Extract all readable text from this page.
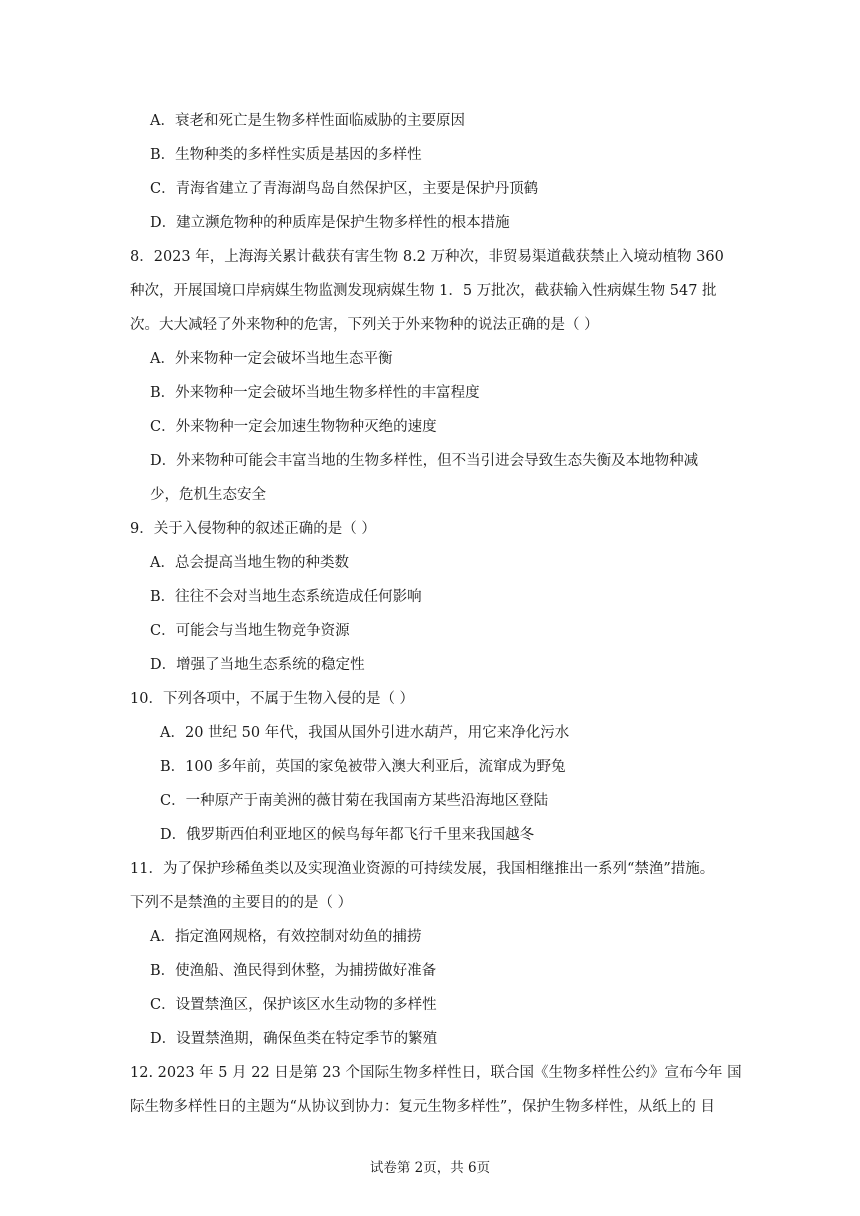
A．衰老和死亡是生物多样性面临威胁的主要原因
B．生物种类的多样性实质是基因的多样性
C．青海省建立了青海湖鸟岛自然保护区，主要是保护丹顶鹤
D．建立濒危物种的种质库是保护生物多样性的根本措施
8．2023 年，上海海关累计截获有害生物 8.2 万种次，非贸易渠道截获禁止入境动植物 360
种次，开展国境口岸病媒生物监测发现病媒生物 1．5 万批次，截获输入性病媒生物 547 批
次。大大减轻了外来物种的危害，下列关于外来物种的说法正确的是（ ）
A．外来物种一定会破坏当地生态平衡
B．外来物种一定会破坏当地生物多样性的丰富程度
C．外来物种一定会加速生物物种灭绝的速度
D．外来物种可能会丰富当地的生物多样性，但不当引进会导致生态失衡及本地物种减
少，危机生态安全
9．关于入侵物种的叙述正确的是（ ）
A．总会提高当地生物的种类数
B．往往不会对当地生态系统造成任何影响
C．可能会与当地生物竞争资源
D．增强了当地生态系统的稳定性
10．下列各项中，不属于生物入侵的是（ ）
A．20 世纪 50 年代，我国从国外引进水葫芦，用它来净化污水
B．100 多年前，英国的家兔被带入澳大利亚后，流窜成为野兔
C．一种原产于南美洲的薇甘菊在我国南方某些沿海地区登陆
D．俄罗斯西伯利亚地区的候鸟每年都飞行千里来我国越冬
11．为了保护珍稀鱼类以及实现渔业资源的可持续发展，我国相继推出一系列“禁渔”措施。
下列不是禁渔的主要目的的是（ ）
A．指定渔网规格，有效控制对幼鱼的捕捞
B．使渔船、渔民得到休整，为捕捞做好准备
C．设置禁渔区，保护该区水生动物的多样性
D．设置禁渔期，确保鱼类在特定季节的繁殖
12. 2023 年 5 月 22 日是第 23 个国际生物多样性日，联合国《生物多样性公约》宣布今年 国
际生物多样性日的主题为“从协议到协力：复元生物多样性”，保护生物多样性，从纸上的 目
试卷第 2页，共 6页
